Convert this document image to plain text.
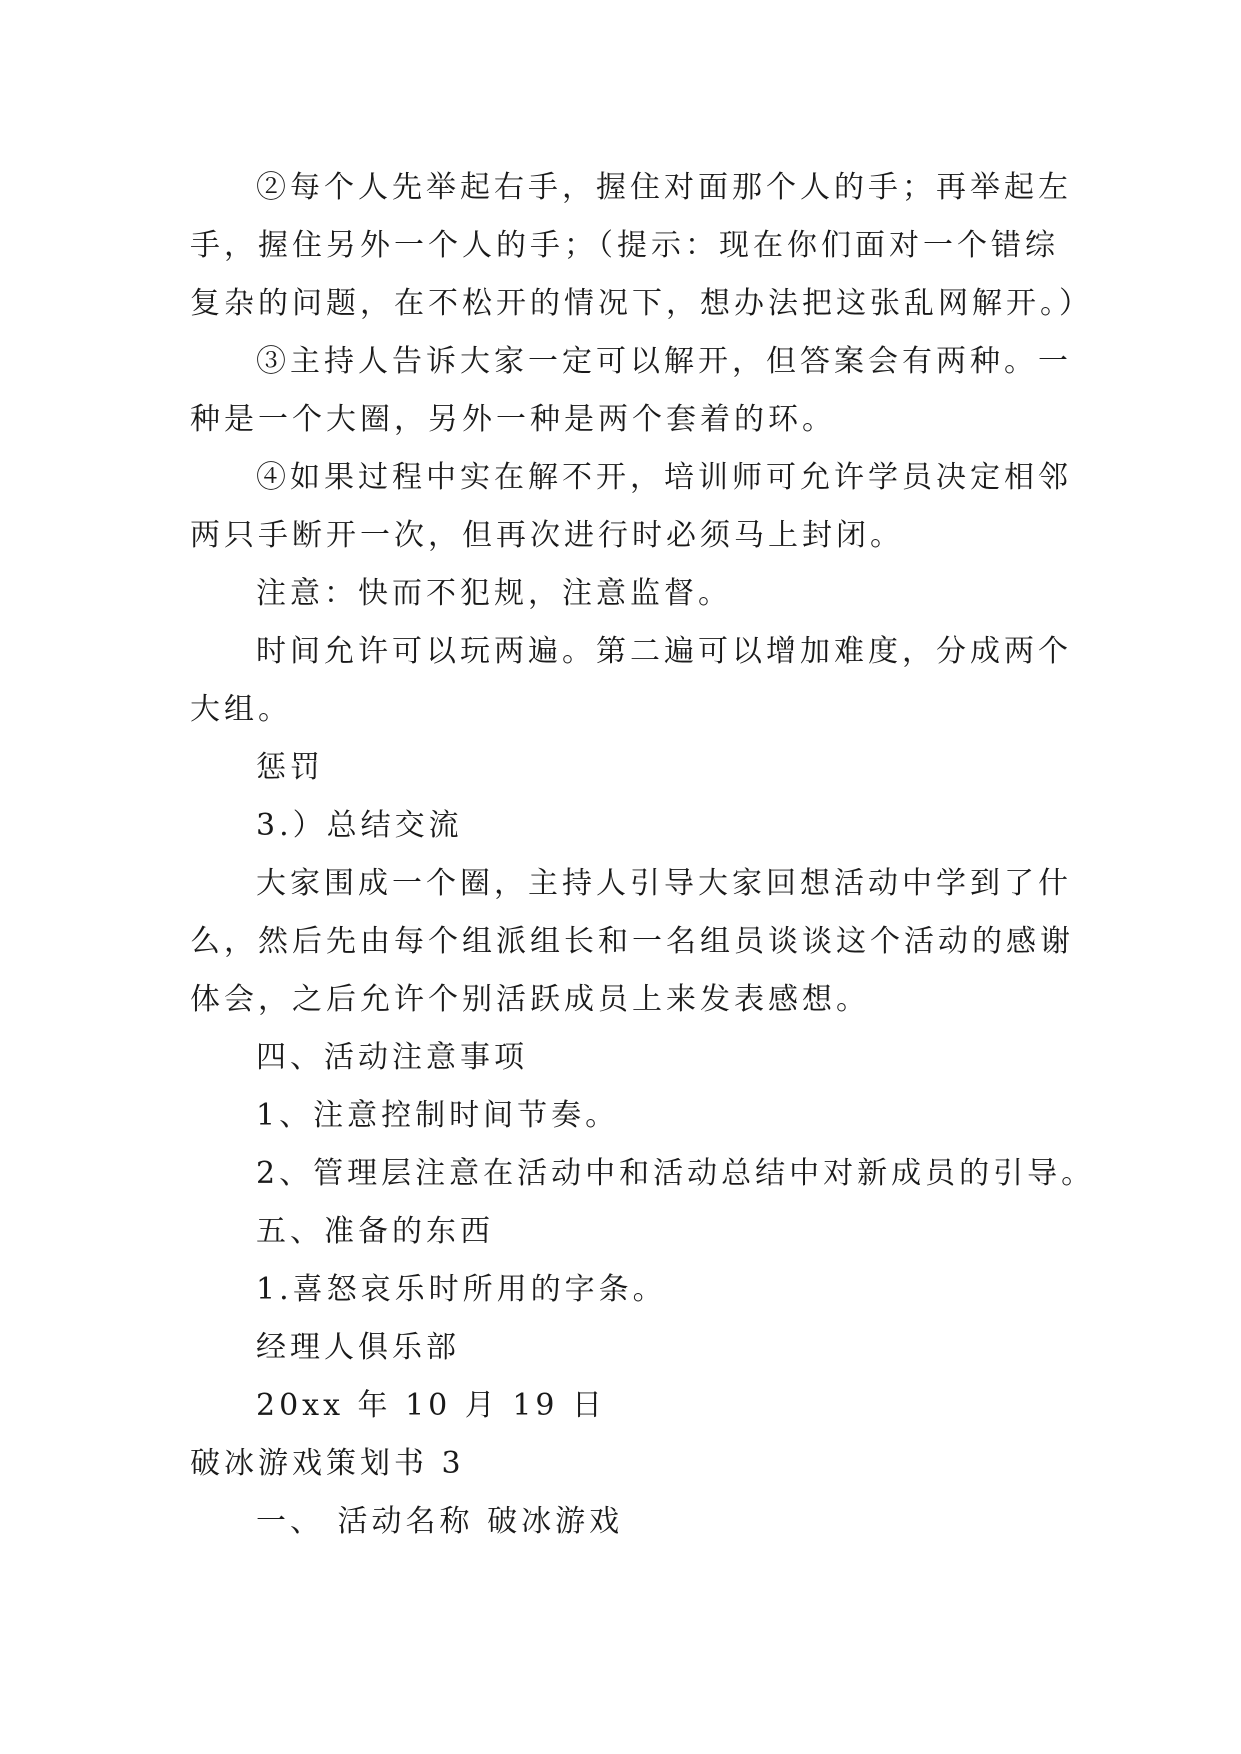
②每个人先举起右手，握住对面那个人的手；再举起左

手，握住另外一个人的手；（提示：现在你们面对一个错综

复杂的问题，在不松开的情况下，想办法把这张乱网解开。）

③主持人告诉大家一定可以解开，但答案会有两种。一

种是一个大圈，另外一种是两个套着的环。

④如果过程中实在解不开，培训师可允许学员决定相邻

两只手断开一次，但再次进行时必须马上封闭。

注意：快而不犯规，注意监督。

时间允许可以玩两遍。第二遍可以增加难度，分成两个

大组。

惩罚

3.）总结交流

大家围成一个圈，主持人引导大家回想活动中学到了什

么，然后先由每个组派组长和一名组员谈谈这个活动的感谢

体会，之后允许个别活跃成员上来发表感想。

四、活动注意事项

1、注意控制时间节奏。

2、管理层注意在活动中和活动总结中对新成员的引导。

五、准备的东西

1.喜怒哀乐时所用的字条。

经理人俱乐部

20xx 年 10 月 19 日

破冰游戏策划书 3

一、 活动名称 破冰游戏
